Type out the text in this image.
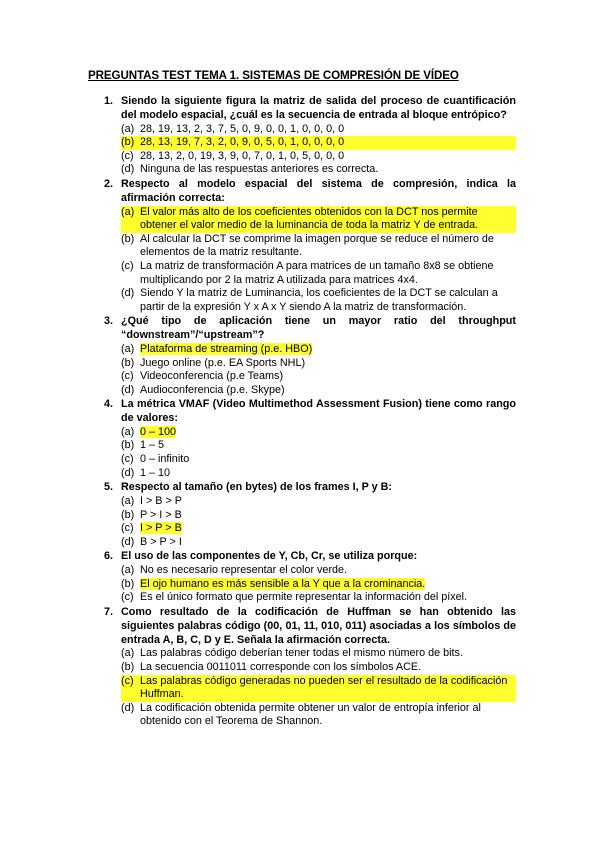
PREGUNTAS TEST TEMA 1. SISTEMAS DE COMPRESIÓN DE VÍDEO
1. Siendo la siguiente figura la matriz de salida del proceso de cuantificación del modelo espacial, ¿cuál es la secuencia de entrada al bloque entrópico?
(a) 28, 19, 13, 2, 3, 7, 5, 0, 9, 0, 0, 1, 0, 0, 0, 0
(b) 28, 13, 19, 7, 3, 2, 0, 9, 0, 5, 0, 1, 0, 0, 0, 0
(c) 28, 13, 2, 0, 19, 3, 9, 0, 7, 0, 1, 0, 5, 0, 0, 0
(d) Ninguna de las respuestas anteriores es correcta.
2. Respecto al modelo espacial del sistema de compresión, indica la afirmación correcta:
(a) El valor más alto de los coeficientes obtenidos con la DCT nos permite obtener el valor medio de la luminancia de toda la matriz Y de entrada.
(b) Al calcular la DCT se comprime la imagen porque se reduce el número de elementos de la matriz resultante.
(c) La matriz de transformación A para matrices de un tamaño 8x8 se obtiene multiplicando por 2 la matriz A utilizada para matrices 4x4.
(d) Siendo Y la matriz de Luminancia, los coeficientes de la DCT se calculan a partir de la expresión Y x A x Y siendo A la matriz de transformación.
3. ¿Qué tipo de aplicación tiene un mayor ratio del throughput “downstream”/“upstream”?
(a) Plataforma de streaming (p.e. HBO)
(b) Juego online (p.e. EA Sports NHL)
(c) Videoconferencia (p.e Teams)
(d) Audioconferencia (p.e. Skype)
4. La métrica VMAF (Video Multimethod Assessment Fusion) tiene como rango de valores:
(a) 0 – 100
(b) 1 – 5
(c) 0 – infinito
(d) 1 – 10
5. Respecto al tamaño (en bytes) de los frames I, P y B:
(a) I > B > P
(b) P > I > B
(c) I > P > B
(d) B > P > I
6. El uso de las componentes de Y, Cb, Cr, se utiliza porque:
(a) No es necesario representar el color verde.
(b) El ojo humano es más sensible a la Y que a la crominancia.
(c) Es el único formato que permite representar la información del píxel.
7. Como resultado de la codificación de Huffman se han obtenido las siguientes palabras código (00, 01, 11, 010, 011) asociadas a los símbolos de entrada A, B, C, D y E. Señala la afirmación correcta.
(a) Las palabras código deberían tener todas el mismo número de bits.
(b) La secuencia 0011011 corresponde con los símbolos ACE.
(c) Las palabras código generadas no pueden ser el resultado de la codificación Huffman.
(d) La codificación obtenida permite obtener un valor de entropía inferior al obtenido con el Teorema de Shannon.
